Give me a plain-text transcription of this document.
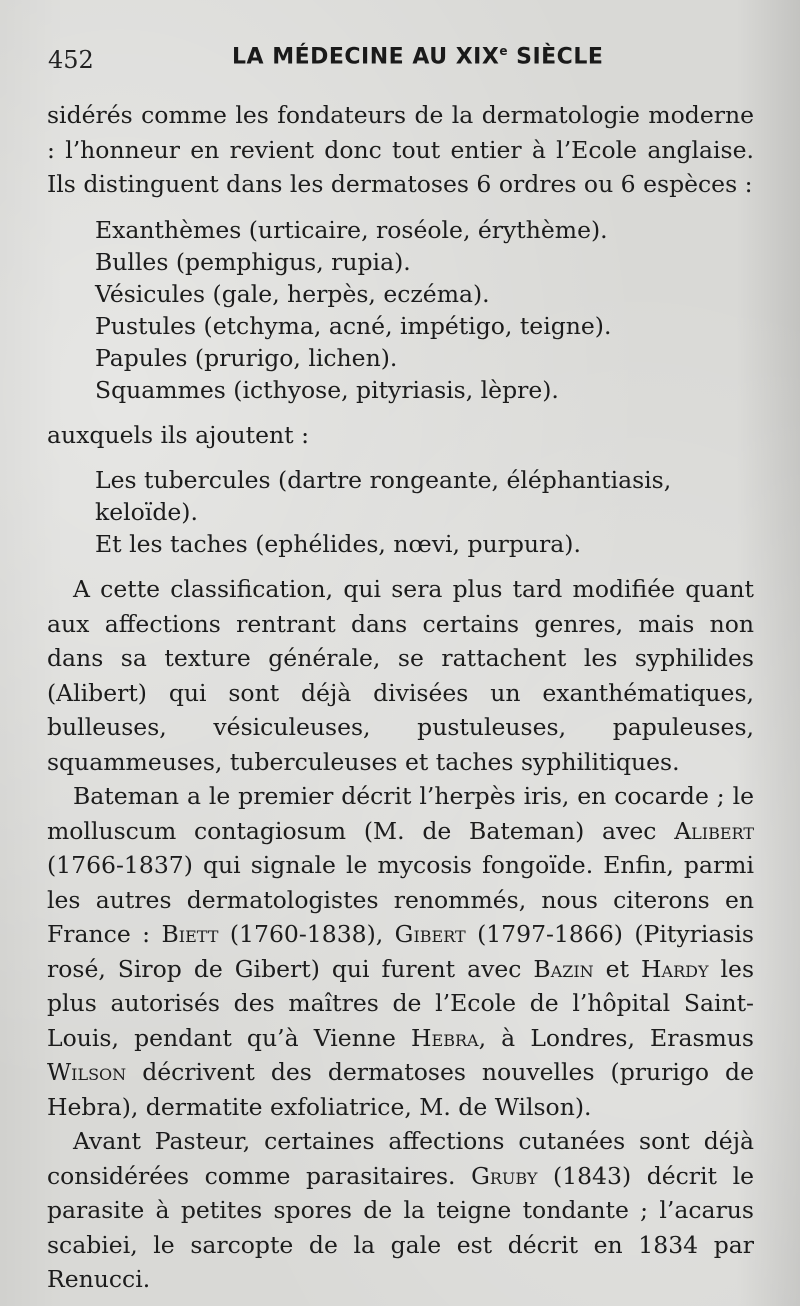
452	LA MÉDECINE AU XIXe SIÈCLE

sidérés comme les fondateurs de la dermatologie moderne : l’honneur en revient donc tout entier à l’Ecole anglaise. Ils distinguent dans les dermatoses 6 ordres ou 6 espèces :

Exanthèmes (urticaire, roséole, érythème).
Bulles (pemphigus, rupia).
Vésicules (gale, herpès, eczéma).
Pustules (etchyma, acné, impétigo, teigne).
Papules (prurigo, lichen).
Squammes (icthyose, pityriasis, lèpre).

auxquels ils ajoutent :

Les tubercules (dartre rongeante, éléphantiasis, keloïde).
Et les taches (ephélides, nœvi, purpura).

A cette classification, qui sera plus tard modifiée quant aux affections rentrant dans certains genres, mais non dans sa texture générale, se rattachent les syphilides (Alibert) qui sont déjà divisées un exanthématiques, bulleuses, vésiculeuses, pustuleuses, papuleuses, squammeuses, tuberculeuses et taches syphilitiques.

Bateman a le premier décrit l’herpès iris, en cocarde ; le molluscum contagiosum (M. de Bateman) avec Alibert (1766-1837) qui signale le mycosis fongoïde. Enfin, parmi les autres dermatologistes renommés, nous citerons en France : Biett (1760-1838), Gibert (1797-1866) (Pityriasis rosé, Sirop de Gibert) qui furent avec Bazin et Hardy les plus autorisés des maîtres de l’Ecole de l’hôpital Saint-Louis, pendant qu’à Vienne Hebra, à Londres, Erasmus Wilson décrivent des dermatoses nouvelles (prurigo de Hebra), dermatite exfoliatrice, M. de Wilson).

Avant Pasteur, certaines affections cutanées sont déjà considérées comme parasitaires. Gruby (1843) décrit le parasite à petites spores de la teigne tondante ; l’acarus scabiei, le sarcopte de la gale est décrit en 1834 par Renucci.
